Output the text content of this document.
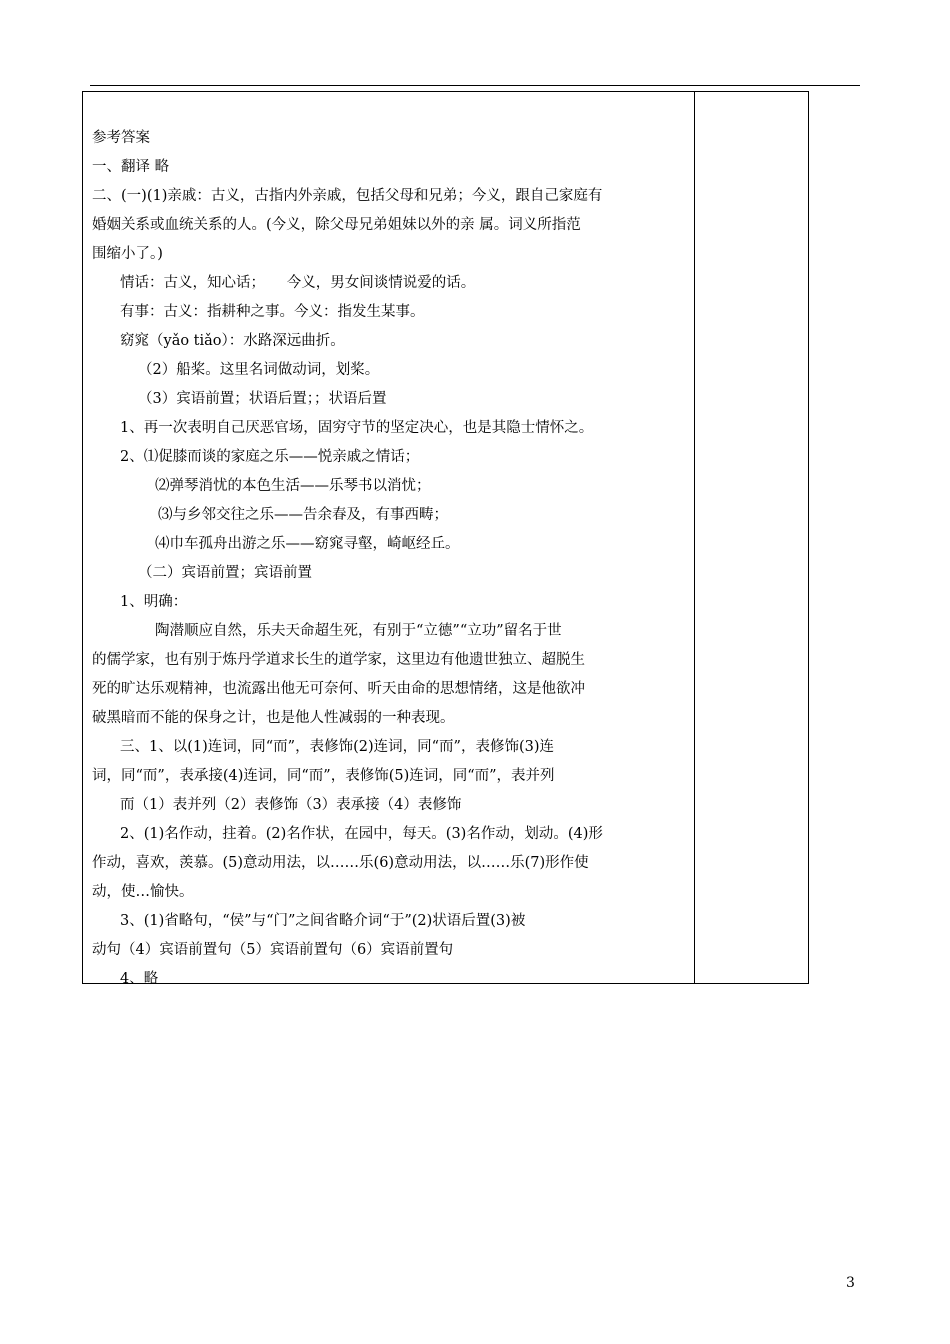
参考答案
一、翻译 略
二、(一)(1)亲戚：古义，古指内外亲戚，包括父母和兄弟；今义，跟自己家庭有
婚姻关系或血统关系的人。(今义，除父母兄弟姐妹以外的亲 属。词义所指范
围缩小了。)
情话：古义，知心话；　　今义，男女间谈情说爱的话。
有事：古义：指耕种之事。今义：指发生某事。
窈窕（yǎo tiǎo）：水路深远曲折。
（2）船桨。这里名词做动词，划桨。
（3）宾语前置；状语后置；；状语后置
1、再一次表明自己厌恶官场，固穷守节的坚定决心，也是其隐士情怀之。
2、⑴促膝而谈的家庭之乐——悦亲戚之情话；
⑵弹琴消忧的本色生活——乐琴书以消忧；
⑶与乡邻交往之乐——告余春及，有事西畴；
⑷巾车孤舟出游之乐——窈窕寻壑，崎岖经丘。
（二）宾语前置；宾语前置
1、明确：
陶潜顺应自然，乐夫天命超生死，有别于“立德”“立功”留名于世
的儒学家，也有别于炼丹学道求长生的道学家，这里边有他遗世独立、超脱生
死的旷达乐观精神，也流露出他无可奈何、听天由命的思想情绪，这是他欲冲
破黑暗而不能的保身之计，也是他人性减弱的一种表现。
三、1、以(1)连词，同“而”，表修饰(2)连词，同“而”，表修饰(3)连
词，同“而”，表承接(4)连词，同“而”，表修饰(5)连词，同“而”，表并列
而（1）表并列（2）表修饰（3）表承接（4）表修饰
2、(1)名作动，拄着。(2)名作状，在园中，每天。(3)名作动，划动。(4)形
作动，喜欢，羡慕。(5)意动用法，以……乐(6)意动用法，以……乐(7)形作使
动，使…愉快。
3、(1)省略句，“侯”与“门”之间省略介词“于”(2)状语后置(3)被
动句（4）宾语前置句（5）宾语前置句（6）宾语前置句
4、略
3
